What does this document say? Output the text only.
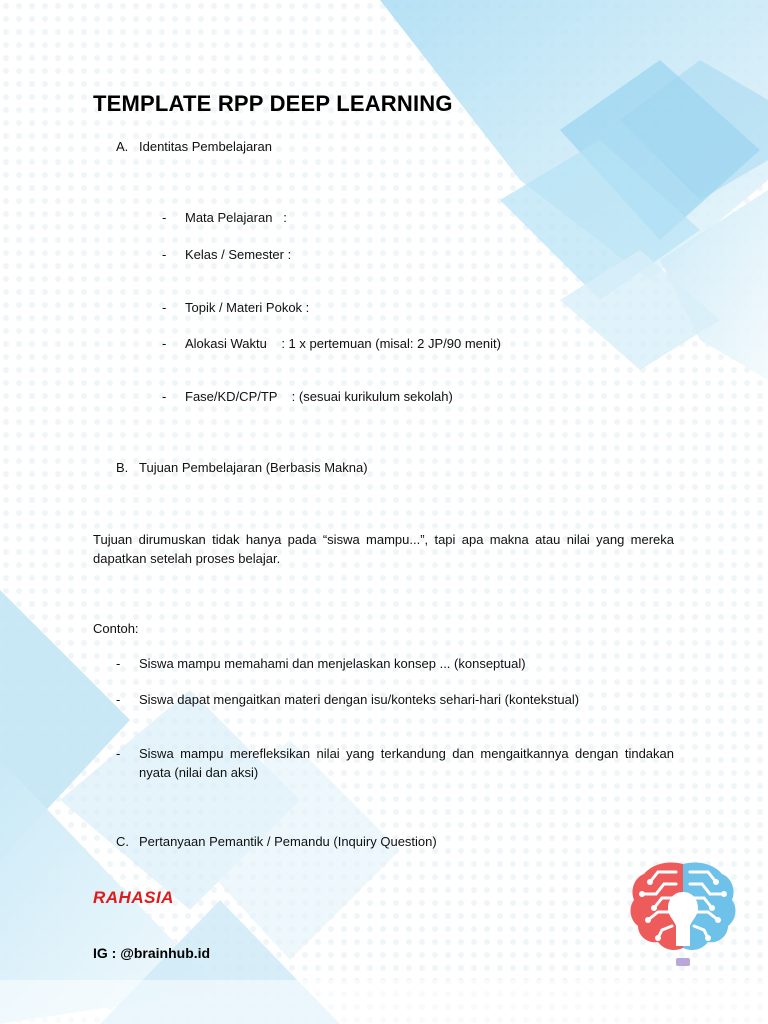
TEMPLATE RPP DEEP LEARNING
A. Identitas Pembelajaran
-	Mata Pelajaran   :
-	Kelas / Semester :
-	Topik / Materi Pokok :
-	Alokasi Waktu    : 1 x pertemuan (misal: 2 JP/90 menit)
-	Fase/KD/CP/TP    : (sesuai kurikulum sekolah)
B. Tujuan Pembelajaran (Berbasis Makna)
Tujuan dirumuskan tidak hanya pada “siswa mampu...”, tapi apa makna atau nilai yang mereka dapatkan setelah proses belajar.
Contoh:
-	Siswa mampu memahami dan menjelaskan konsep ... (konseptual)
-	Siswa dapat mengaitkan materi dengan isu/konteks sehari-hari (kontekstual)
-	Siswa mampu merefleksikan nilai yang terkandung dan mengaitkannya dengan tindakan nyata (nilai dan aksi)
C. Pertanyaan Pemantik / Pemandu (Inquiry Question)
RAHASIA
IG : @brainhub.id
